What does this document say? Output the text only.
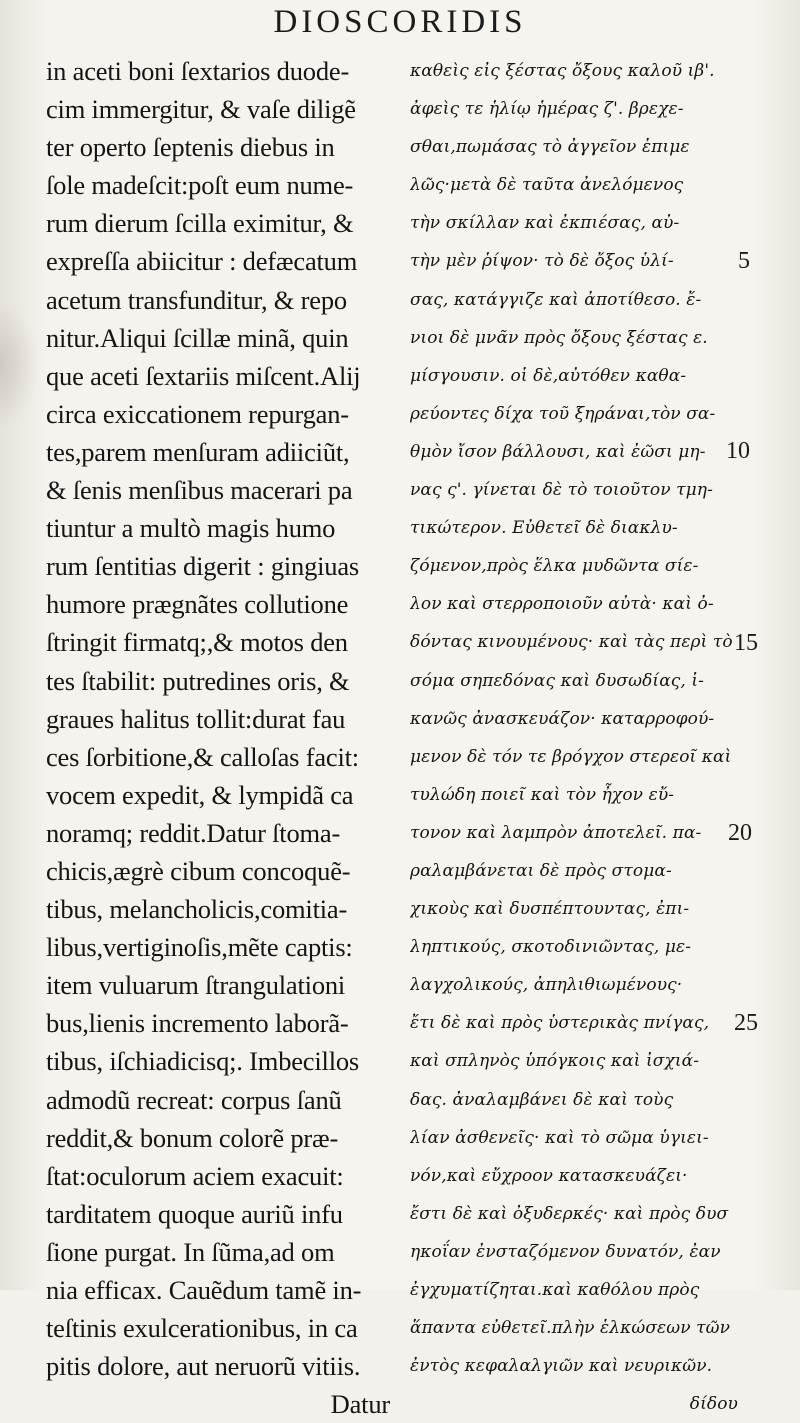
DIOSCORIDIS
in aceti boni ſextarios duode-
cim immergitur, & vaſe diligẽ
ter operto ſeptenis diebus in
ſole madeſcit:poſt eum nume-
rum dierum ſcilla eximitur, &
expreſſa abiicitur : defæcatum
acetum transfunditur, & repo
nitur.Aliqui ſcillæ minã, quin
que aceti ſextariis miſcent.Alij
circa exiccationem repurgan-
tes,parem menſuram adiiciũt,
& ſenis menſibus macerari pa
tiuntur a multò magis humo
rum ſentitias digerit : gingiuas
humore prægnãtes collutione
ſtringit firmatq;,& motos den
tes ſtabilit: putredines oris, &
graues halitus tollit:durat fau
ces ſorbitione,& calloſas facit:
vocem expedit, & lympidã ca
noramq; reddit.Datur ſtoma-
chicis,ægrè cibum concoquẽ-
tibus, melancholicis,comitia-
libus,vertiginoſis,mẽte captis:
item vuluarum ſtrangulationi
bus,lienis incremento laborã-
tibus, iſchiadicisq;. Imbecillos
admodũ recreat: corpus ſanũ
reddit,& bonum colorẽ præ-
ſtat:oculorum aciem exacuit:
tarditatem quoque auriũ infu
ſione purgat. In ſũma,ad om
nia efficax. Cauẽdum tamẽ in-
teſtinis exulcerationibus, in ca
pitis dolore, aut neruorũ vitiis.
Datur
καθεὶς εἰς ξέστας ὄξους καλοῦ ιβ'.
ἀφεὶς τε ἡλίῳ ἡμέρας ζ'. βρεχε-
σθαι,πωμάσας τὸ ἀγγεῖον ἐπιμε
λῶς·μετὰ δὲ ταῦτα ἀνελόμενος
τὴν σκίλλαν καὶ ἐκπιέσας, αὐ-
τὴν μὲν ῥίψον· τὸ δὲ ὄξος ὑλί-
σας, κατάγγιζε καὶ ἀποτίθεσο. ἔ-
νιοι δὲ μνᾶν πρὸς ὄξους ξέστας ε.
μίσγουσιν. οἱ δὲ,αὐτόθεν καθα-
ρεύοντες δίχα τοῦ ξηράναι,τὸν σα-
θμὸν ἴσον βάλλουσι, καὶ ἐῶσι μη-
νας ς'. γίνεται δὲ τὸ τοιοῦτον τμη-
τικώτερον. Εὐθετεῖ δὲ διακλυ-
ζόμενον,πρὸς ἕλκα μυδῶντα σίε-
λον καὶ στερροποιοῦν αὐτὰ· καὶ ὀ-
δόντας κινουμένους· καὶ τὰς περὶ τὸ
σόμα σηπεδόνας καὶ δυσωδίας, ἱ-
κανῶς ἀνασκευάζον· καταρροφού-
μενον δὲ τόν τε βρόγχον στερεοῖ καὶ
τυλώδη ποιεῖ καὶ τὸν ἦχον εὔ-
τονον καὶ λαμπρὸν ἀποτελεῖ. πα-
ραλαμβάνεται δὲ πρὸς στομα-
χικοὺς καὶ δυσπέπτουντας, ἐπι-
ληπτικούς, σκοτοδινιῶντας, με-
λαγχολικούς, ἀπηλιθιωμένους·
ἔτι δὲ καὶ πρὸς ὑστερικὰς πνίγας,
καὶ σπληνὸς ὑπόγκοις καὶ ἰσχιά-
δας. ἀναλαμβάνει δὲ καὶ τοὺς
λίαν ἀσθενεῖς· καὶ τὸ σῶμα ὑγιει-
νόν,καὶ εὔχροον κατασκευάζει·
ἔστι δὲ καὶ ὀξυδερκές· καὶ πρὸς δυσ
ηκοΐαν ἐνσταζόμενον δυνατόν, ἐαν
ἐγχυματίζηται.καὶ καθόλου πρὸς
ἅπαντα εὐθετεῖ.πλὴν ἑλκώσεων τῶν
ἐντὸς κεφαλαλγιῶν καὶ νευρικῶν.
δίδου
5
10
15
20
25
